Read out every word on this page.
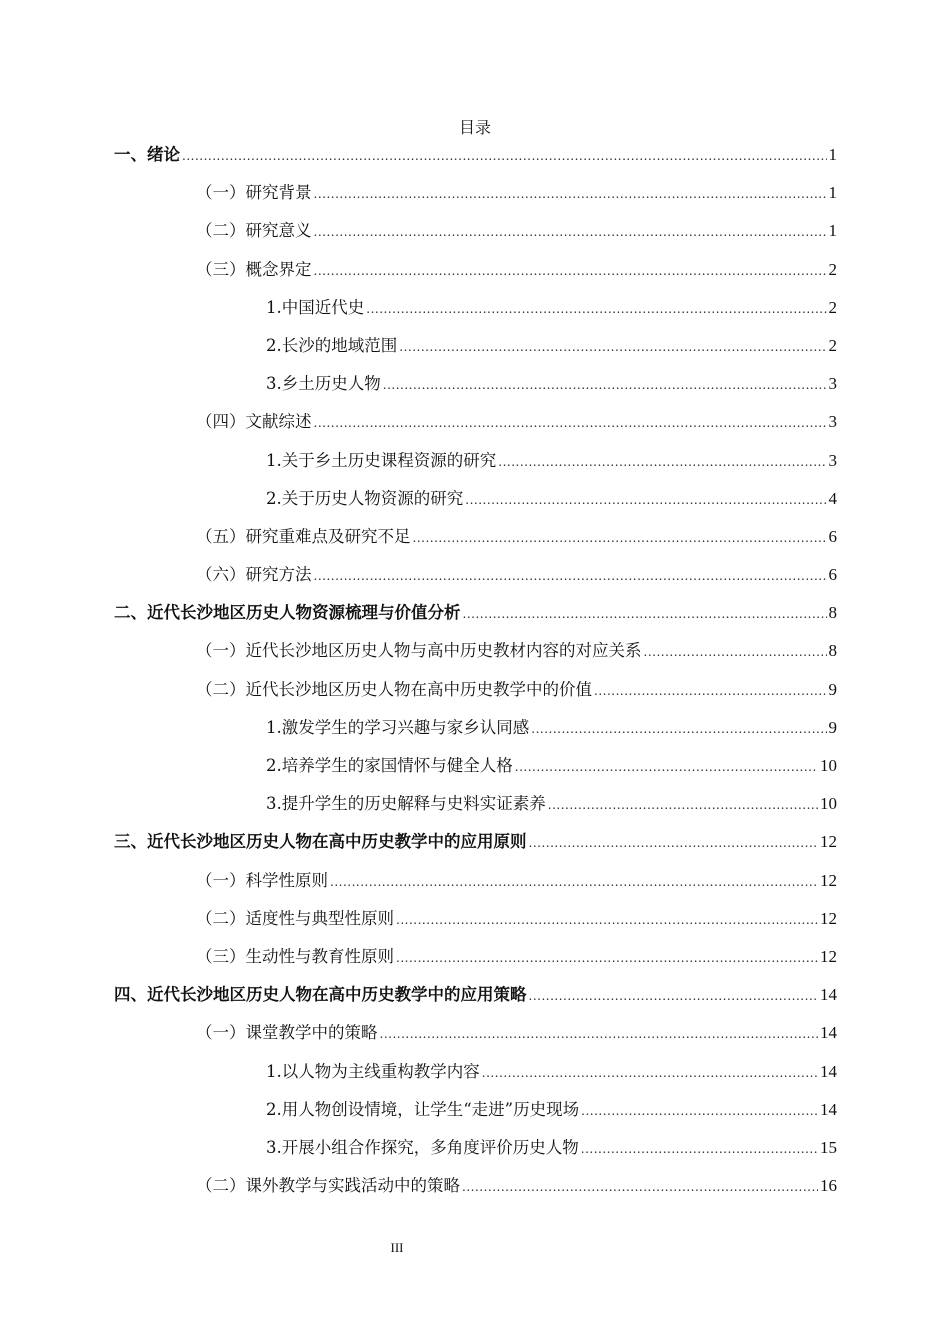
目录
一、绪论 .....	1
（一）研究背景 .....	1
（二）研究意义 .....	1
（三）概念界定 .....	2
1.中国近代史 .....	2
2.长沙的地域范围 .....	2
3.乡土历史人物 .....	3
（四）文献综述 .....	3
1.关于乡土历史课程资源的研究 .....	3
2.关于历史人物资源的研究 .....	4
（五）研究重难点及研究不足 .....	6
（六）研究方法 .....	6
二、近代长沙地区历史人物资源梳理与价值分析 .....	8
（一）近代长沙地区历史人物与高中历史教材内容的对应关系 .....	8
（二）近代长沙地区历史人物在高中历史教学中的价值 .....	9
1.激发学生的学习兴趣与家乡认同感 .....	9
2.培养学生的家国情怀与健全人格 .....	10
3.提升学生的历史解释与史料实证素养 .....	10
三、近代长沙地区历史人物在高中历史教学中的应用原则 .....	12
（一）科学性原则 .....	12
（二）适度性与典型性原则 .....	12
（三）生动性与教育性原则 .....	12
四、近代长沙地区历史人物在高中历史教学中的应用策略 .....	14
（一）课堂教学中的策略 .....	14
1.以人物为主线重构教学内容 .....	14
2.用人物创设情境，让学生“走进”历史现场 .....	14
3.开展小组合作探究，多角度评价历史人物 .....	15
（二）课外教学与实践活动中的策略 .....	16
III
